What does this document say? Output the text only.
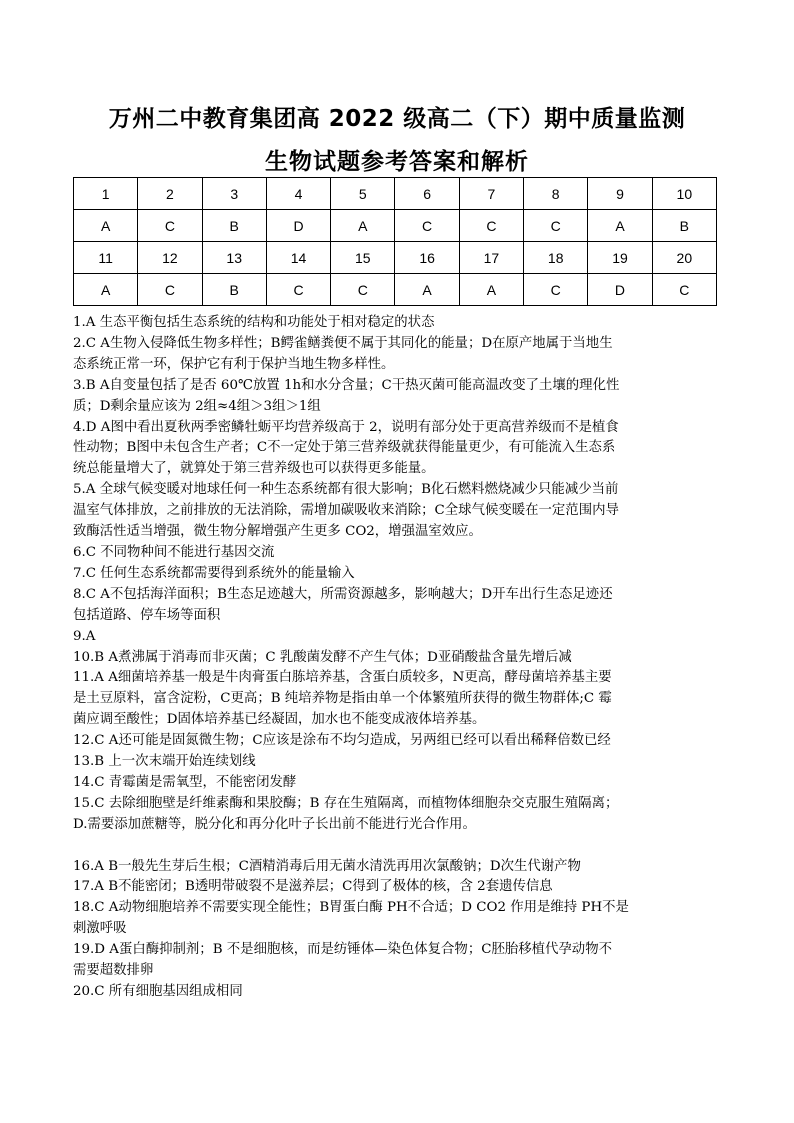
万州二中教育集团高 2022 级高二（下）期中质量监测
生物试题参考答案和解析
1	2	3	4	5	6	7	8	9	10
A	C	B	D	A	C	C	C	A	B
11	12	13	14	15	16	17	18	19	20
A	C	B	C	C	A	A	C	D	C

1.A 生态平衡包括生态系统的结构和功能处于相对稳定的状态

2.C A生物入侵降低生物多样性；B鳄雀鳝粪便不属于其同化的能量；D在原产地属于当地生

态系统正常一环，保护它有利于保护当地生物多样性。

3.B A自变量包括了是否 60℃放置 1h和水分含量；C干热灭菌可能高温改变了土壤的理化性

质；D剩余量应该为 2组≈4组＞3组＞1组

4.D A图中看出夏秋两季密鳞牡蛎平均营养级高于 2，说明有部分处于更高营养级而不是植食

性动物；B图中未包含生产者；C不一定处于第三营养级就获得能量更少，有可能流入生态系

统总能量增大了，就算处于第三营养级也可以获得更多能量。

5.A 全球气候变暖对地球任何一种生态系统都有很大影响；B化石燃料燃烧减少只能减少当前

温室气体排放，之前排放的无法消除，需增加碳吸收来消除；C全球气候变暖在一定范围内导

致酶活性适当增强，微生物分解增强产生更多 CO2，增强温室效应。

6.C 不同物种间不能进行基因交流

7.C 任何生态系统都需要得到系统外的能量输入

8.C A不包括海洋面积；B生态足迹越大，所需资源越多，影响越大；D开车出行生态足迹还

包括道路、停车场等面积

9.A

10.B A煮沸属于消毒而非灭菌；C 乳酸菌发酵不产生气体；D亚硝酸盐含量先增后减

11.A A细菌培养基一般是牛肉膏蛋白胨培养基，含蛋白质较多，N更高，酵母菌培养基主要

是土豆原料，富含淀粉，C更高；B 纯培养物是指由单一个体繁殖所获得的微生物群体;C 霉

菌应调至酸性；D固体培养基已经凝固，加水也不能变成液体培养基。

12.C A还可能是固氮微生物；C应该是涂布不均匀造成，另两组已经可以看出稀释倍数已经

13.B 上一次末端开始连续划线

14.C 青霉菌是需氧型，不能密闭发酵

15.C 去除细胞壁是纤维素酶和果胶酶；B 存在生殖隔离，而植物体细胞杂交克服生殖隔离；

D.需要添加蔗糖等，脱分化和再分化叶子长出前不能进行光合作用。

16.A B一般先生芽后生根；C酒精消毒后用无菌水清洗再用次氯酸钠；D次生代谢产物

17.A B不能密闭；B透明带破裂不是滋养层；C得到了极体的核，含 2套遗传信息

18.C A动物细胞培养不需要实现全能性；B胃蛋白酶 PH不合适；D CO2 作用是维持 PH不是

刺激呼吸

19.D A蛋白酶抑制剂；B 不是细胞核，而是纺锤体—染色体复合物；C胚胎移植代孕动物不

需要超数排卵

20.C 所有细胞基因组成相同
